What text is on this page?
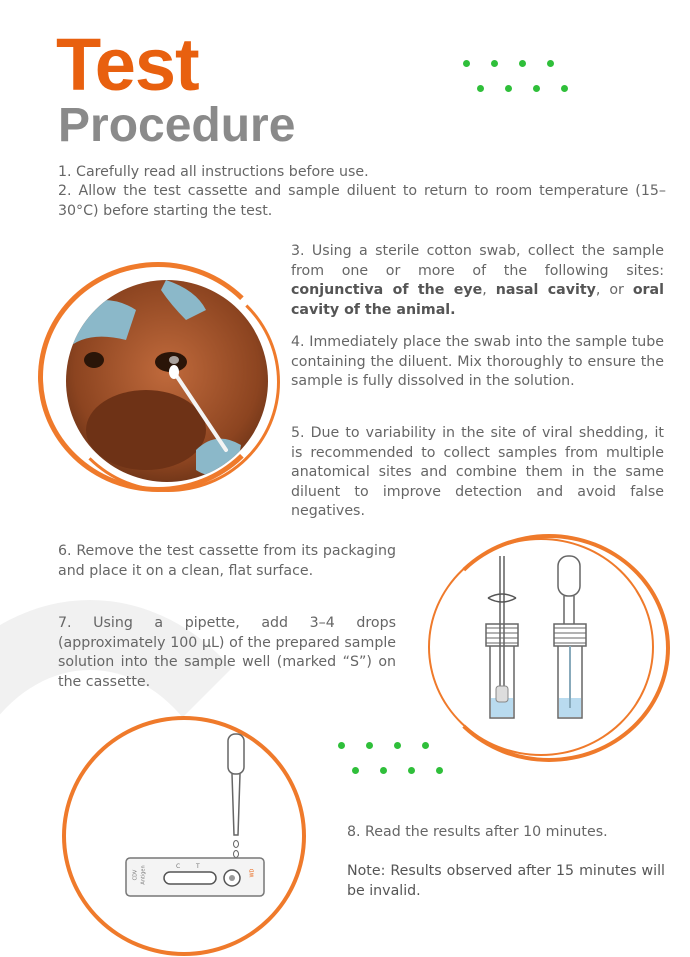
Test
Procedure
1. Carefully read all instructions before use.
2. Allow the test cassette and sample diluent to return to room temperature (15–30°C) before starting the test.
3. Using a sterile cotton swab, collect the sample from one or more of the following sites: conjunctiva of the eye, nasal cavity, or oral cavity of the animal.
4. Immediately place the swab into the sample tube containing the diluent. Mix thoroughly to ensure the sample is fully dissolved in the solution.
5. Due to variability in the site of viral shedding, it is recommended to collect samples from multiple anatomical sites and combine them in the same diluent to improve detection and avoid false negatives.
6. Remove the test cassette from its packaging and place it on a clean, flat surface.
7. Using a pipette, add 3–4 drops (approximately 100 µL) of the prepared sample solution into the sample well (marked “S”) on the cassette.
CDV Antigen	C	T
WD
8. Read the results after 10 minutes.
Note: Results observed after 15 minutes will be invalid.
